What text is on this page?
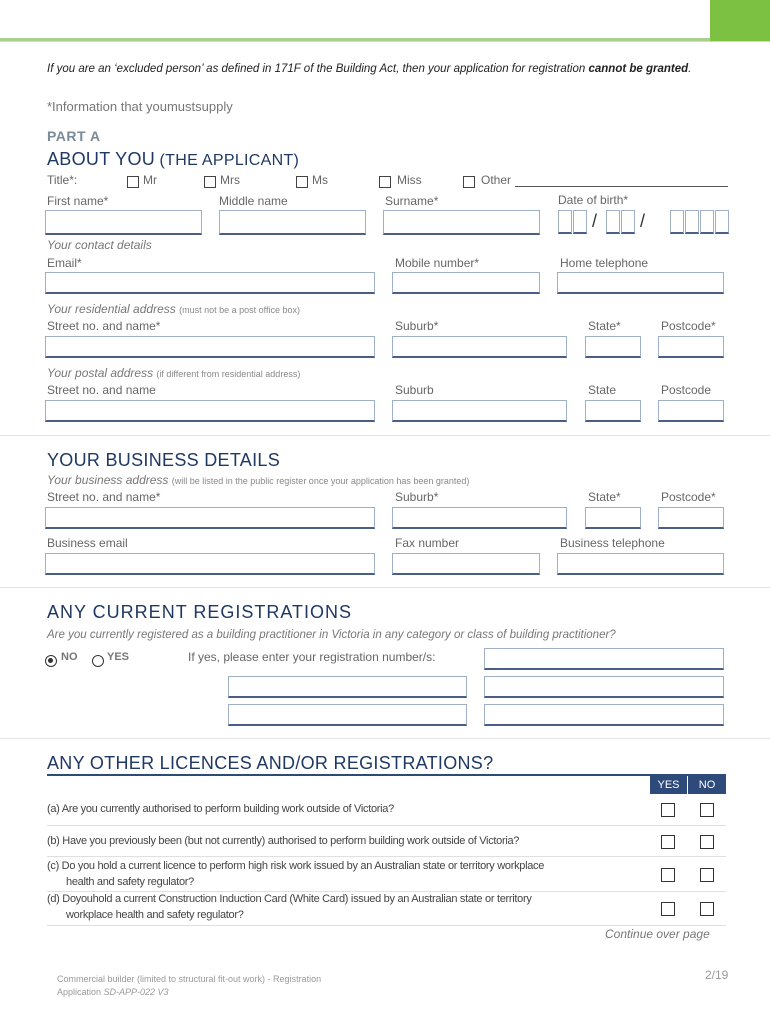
If you are an ‘excluded person’ as defined in 171F of the Building Act, then your application for registration cannot be granted.
*Information that youmustsupply
PART A
ABOUT YOU (THE APPLICANT)
Title*:	Mr	Mrs	Ms	Miss	Other
First name*	Middle name	Surname*	Date of birth*
/ /
Your contact details
Email*	Mobile number*	Home telephone
Your residential address (must not be a post office box)
Street no. and name*	Suburb*	State*	Postcode*
Your postal address (if different from residential address)
Street no. and name	Suburb	State	Postcode
YOUR BUSINESS DETAILS
Your business address (will be listed in the public register once your application has been granted)
Street no. and name*	Suburb*	State*	Postcode*
Business email	Fax number	Business telephone
ANY CURRENT REGISTRATIONS
Are you currently registered as a building practitioner in Victoria in any category or class of building practitioner?
NO	YES	If yes, please enter your registration number/s:
ANY OTHER LICENCES AND/OR REGISTRATIONS?
YES	NO
(a) Are you currently authorised to perform building work outside of Victoria?
(b) Have you previously been (but not currently) authorised to perform building work outside of Victoria?
(c) Do you hold a current licence to perform high risk work issued by an Australian state or territory workplace
health and safety regulator?
(d) Doyouhold a current Construction Induction Card (White Card) issued by an Australian state or territory
workplace health and safety regulator?
Continue over page
Commercial builder (limited to structural fit-out work) - Registration
Application SD-APP-022 V3
2/19
